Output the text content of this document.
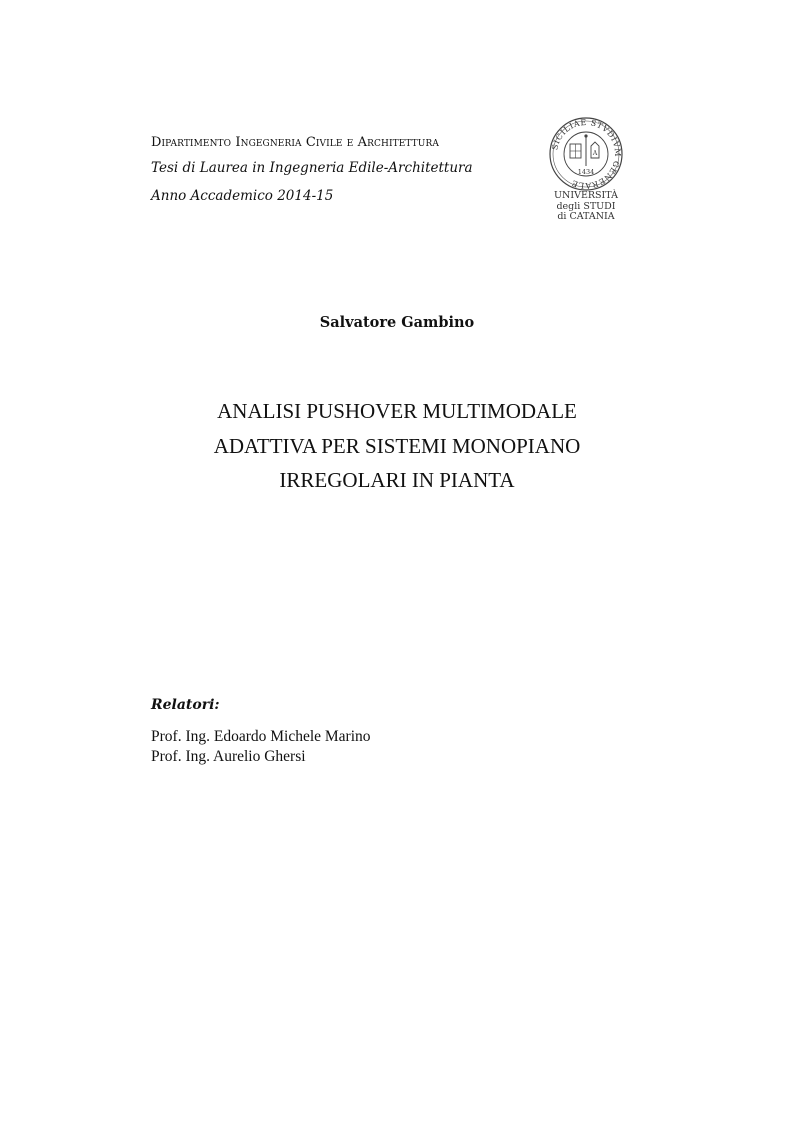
Dipartimento Ingegneria Civile e Architettura
Tesi di Laurea in Ingegneria Edile-Architettura
Anno Accademico 2014-15
SICILIAE STVDIVM GENERALE
A
1434
UNIVERSITÀ
degli STUDI
di CATANIA
Salvatore Gambino
ANALISI PUSHOVER MULTIMODALE
ADATTIVA PER SISTEMI MONOPIANO
IRREGOLARI IN PIANTA
Relatori:
Prof. Ing. Edoardo Michele Marino
Prof. Ing. Aurelio Ghersi
